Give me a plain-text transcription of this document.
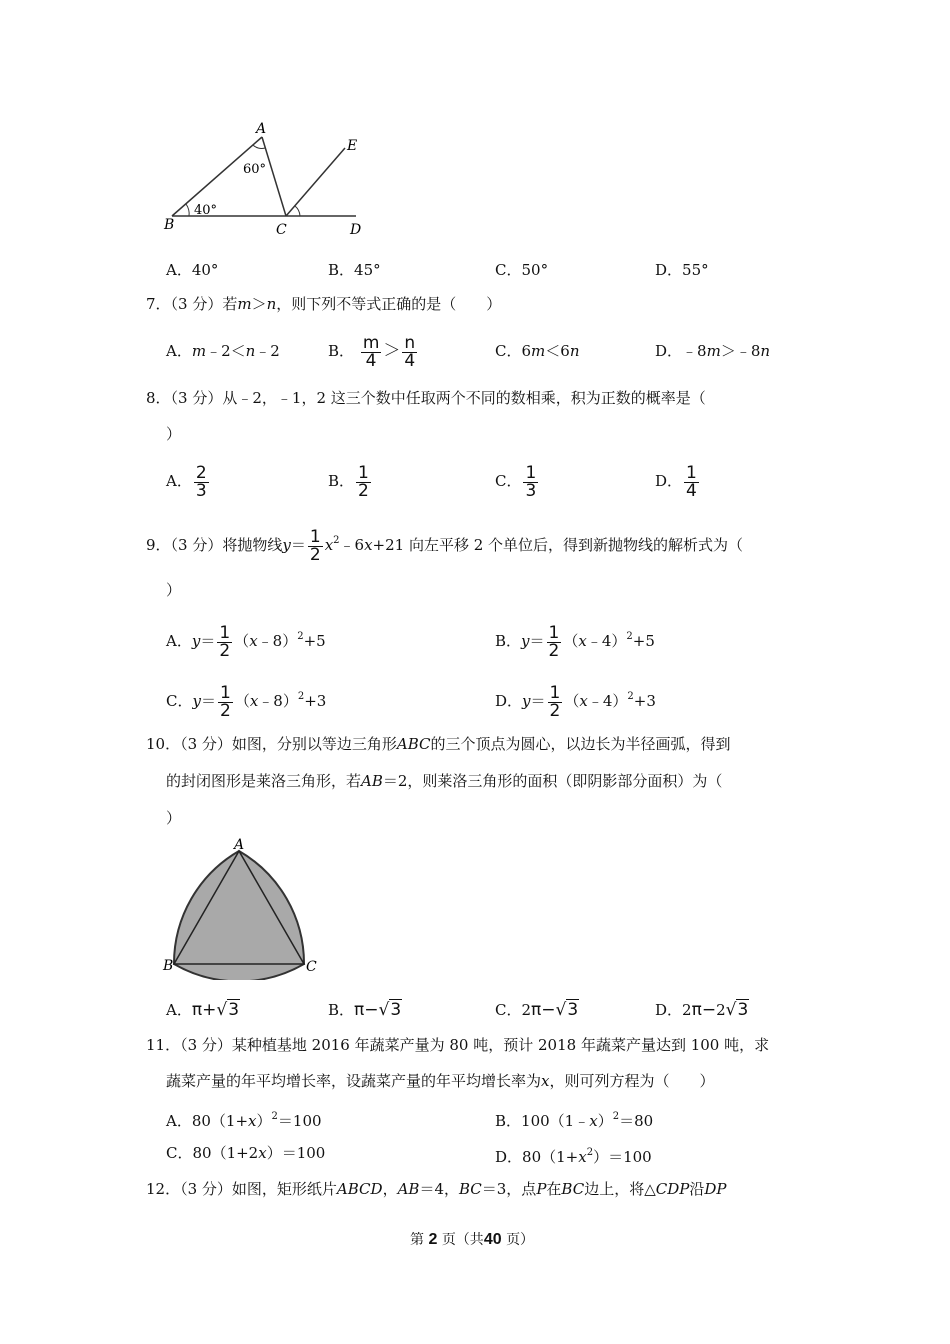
A
B	C	D
E
60°
40°
A．40°	B．45°	C．50°	D．55°
7．（3 分）若m＞n，则下列不等式正确的是（　　）
A．m﹣2＜n﹣2	B． $\frac{m}{4} > \frac{n}{4}$	C．6m＜6n	D．﹣8m＞﹣8n
8．（3 分）从﹣2，﹣1，2 这三个数中任取两个不同的数相乘，积为正数的概率是（
）
A． $\frac{2}{3}$	B． $\frac{1}{2}$	C． $\frac{1}{3}$	D． $\frac{1}{4}$
9．（3 分）将抛物线$y= \frac{1}{2}$ $x^2﹣6x+21$ 向左平移 2 个单位后，得到新抛物线的解析式为（
）
A．$y= \frac{1}{2}$ （x﹣8）$^2$+5	B．$y= \frac{1}{2}$ （x﹣4）$^2$+5
C．$y= \frac{1}{2}$ （x﹣8）$^2$+3	D．$y= \frac{1}{2}$ （x﹣4）$^2$+3
10．（3 分）如图，分别以等边三角形ABC的三个顶点为圆心，以边长为半径画弧，得到
的封闭图形是莱洛三角形，若AB＝2，则莱洛三角形的面积（即阴影部分面积）为（
）
A
B	C
A．π+√3	B．π−√3	C．2π−√3	D．2π−2√3
11．（3 分）某种植基地 2016 年蔬菜产量为 80 吨，预计 2018 年蔬菜产量达到 100 吨，求
蔬菜产量的年平均增长率，设蔬菜产量的年平均增长率为x，则可列方程为（　　）
A．$80(1+x)^2=100$	B．100（1﹣x）$^2$＝80
C．80（1+2x）＝100	D．$80(1+x^2)=100$
12．（3 分）如图，矩形纸片ABCD，AB＝4，BC＝3，点P在BC边上，将△CDP沿DP
第 2 页（共40 页）
